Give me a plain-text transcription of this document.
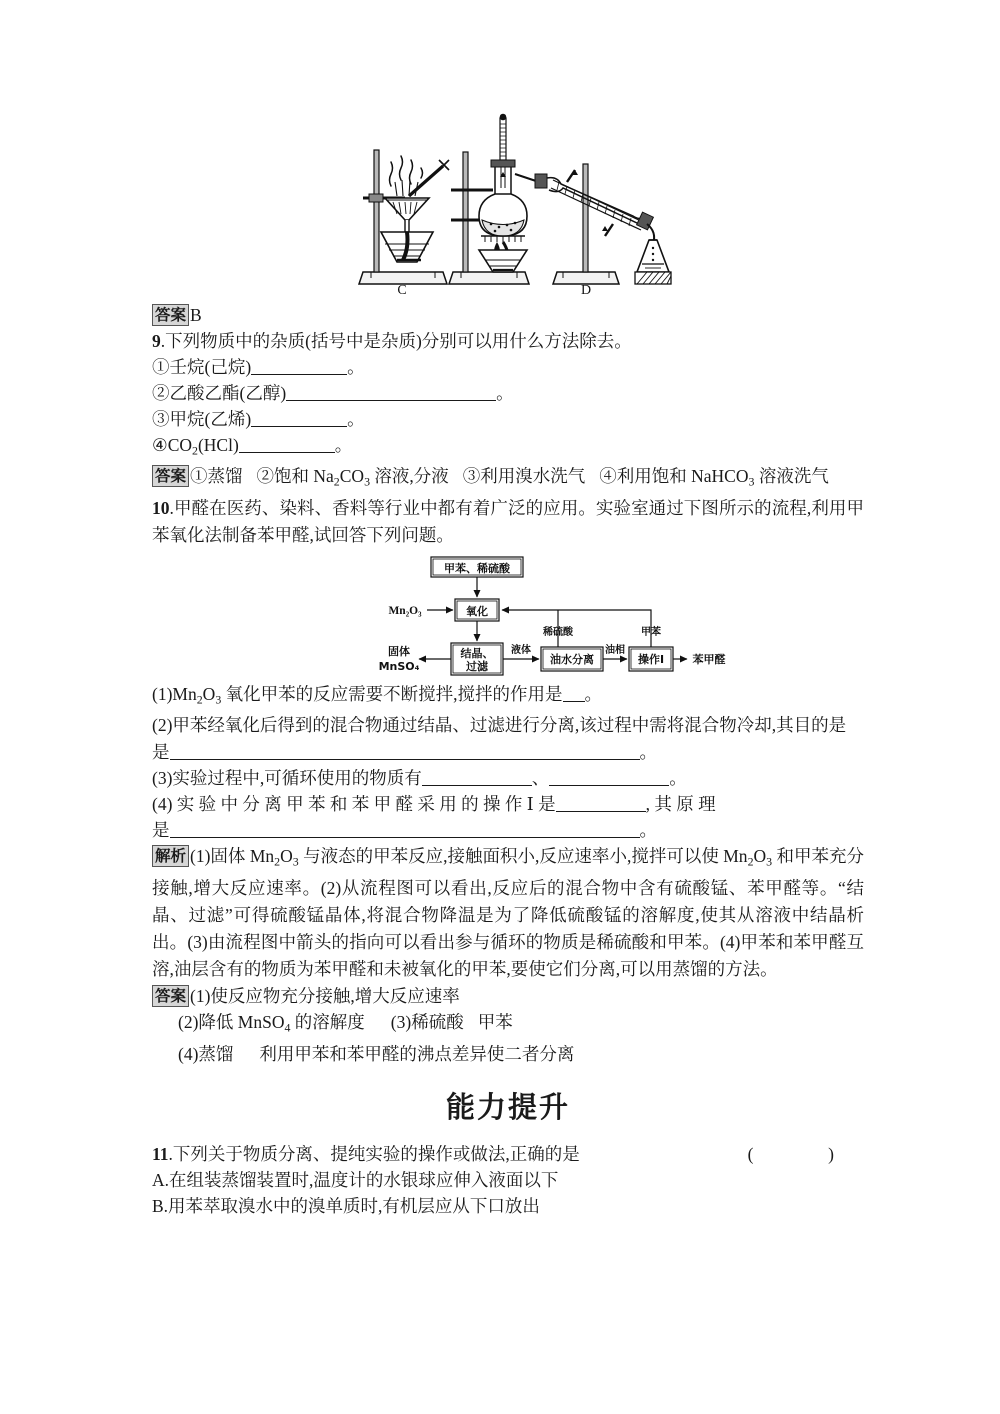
C	D

答案 B

9.下列物质中的杂质(括号中是杂质)分别可以用什么方法除去。

①壬烷(己烷)	。

②乙酸乙酯(乙醇)	。

③甲烷(乙烯)	。

$④CO_2(HCl)$	。

答案 ①蒸馏 ②饱和 $Na_2CO_3$ 溶液,分液 ③利用溴水洗气 ④利用饱和 NaHCO$_3$ 溶液洗气

10.甲醛在医药、染料、香料等行业中都有着广泛的应用。实验室通过下图所示的流程,利用甲苯氧化法制备苯甲醛,试回答下列问题。

甲苯、稀硫酸
氧化
结晶、
过滤
油水分离	操作Ⅰ
固体
MnSO₄
苯甲醛
液体	油相
稀硫酸	甲苯
Mn₂O₃

$(1)Mn_2O_3$ 氧化甲苯的反应需要不断搅拌,搅拌的作用是 。

(2)甲苯经氧化后得到的混合物通过结晶、过滤进行分离,该过程中需将混合物冷却,其目的是

是	。

(3)实验过程中,可循环使用的物质有	、	。

(4) 实 验 中 分 离 甲 苯 和 苯 甲 醛 采 用 的 操 作 Ⅰ 是	, 其 原 理

是	。

解析 (1)固体 $Mn_2O_3$ 与液态的甲苯反应,接触面积小,反应速率小,搅拌可以使 $Mn_2O_3$ 和甲苯充分接触,增大反应速率。(2)从流程图可以看出,反应后的混合物中含有硫酸锰、苯甲醛等。“结晶、过滤”可得硫酸锰晶体,将混合物降温是为了降低硫酸锰的溶解度,使其从溶液中结晶析出。(3)由流程图中箭头的指向可以看出参与循环的物质是稀硫酸和甲苯。(4)甲苯和苯甲醛互溶,油层含有的物质为苯甲醛和未被氧化的甲苯,要使它们分离,可以用蒸馏的方法。

答案 (1)使反应物充分接触,增大反应速率

(2)降低 MnSO$_4$ 的溶解度 (3)稀硫酸 甲苯

(4)蒸馏 利用甲苯和苯甲醛的沸点差异使二者分离

能力提升

11.下列关于物质分离、提纯实验的操作或做法,正确的是	(  )

A.在组装蒸馏装置时,温度计的水银球应伸入液面以下

B.用苯萃取溴水中的溴单质时,有机层应从下口放出
